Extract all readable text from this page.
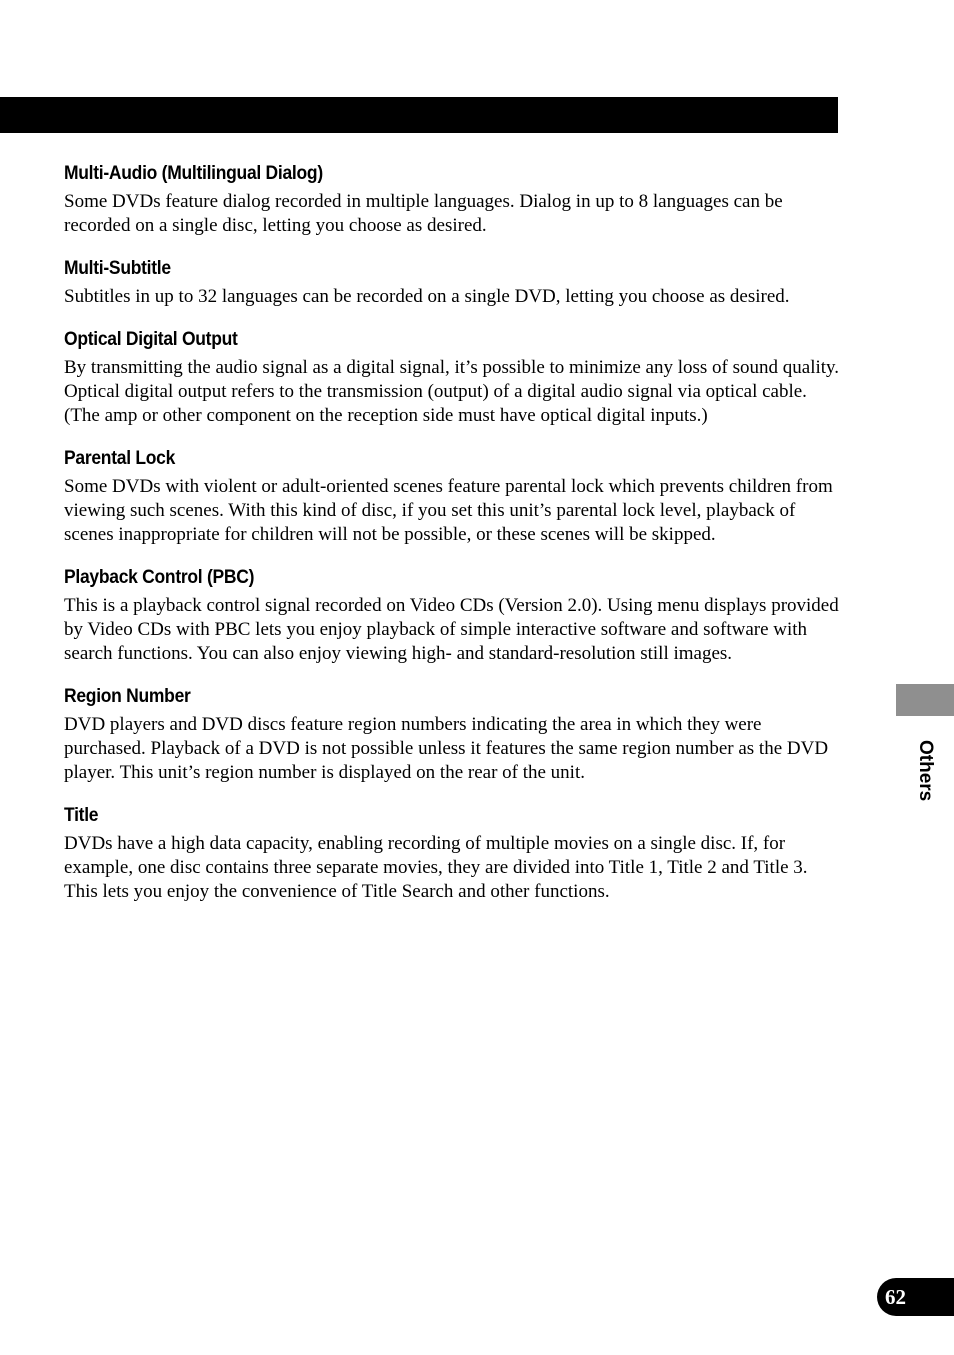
Multi-Audio (Multilingual Dialog)

Some DVDs feature dialog recorded in multiple languages. Dialog in up to 8 languages can be recorded on a single disc, letting you choose as desired.

Multi-Subtitle

Subtitles in up to 32 languages can be recorded on a single DVD, letting you choose as desired.

Optical Digital Output

By transmitting the audio signal as a digital signal, it’s possible to minimize any loss of sound quality. Optical digital output refers to the transmission (output) of a digital audio signal via optical cable. (The amp or other component on the reception side must have optical digital inputs.)

Parental Lock

Some DVDs with violent or adult-oriented scenes feature parental lock which prevents children from viewing such scenes. With this kind of disc, if you set this unit’s parental lock level, playback of scenes inappropriate for children will not be possible, or these scenes will be skipped.

Playback Control (PBC)

This is a playback control signal recorded on Video CDs (Version 2.0). Using menu displays provided by Video CDs with PBC lets you enjoy playback of simple interactive software and software with search functions. You can also enjoy viewing high- and standard-resolution still images.

Region Number

DVD players and DVD discs feature region numbers indicating the area in which they were purchased. Playback of a DVD is not possible unless it features the same region number as the DVD player. This unit’s region number is displayed on the rear of the unit.

Title

DVDs have a high data capacity, enabling recording of multiple movies on a single disc. If, for example, one disc contains three separate movies, they are divided into Title 1, Title 2 and Title 3. This lets you enjoy the convenience of Title Search and other functions.

Others
62
